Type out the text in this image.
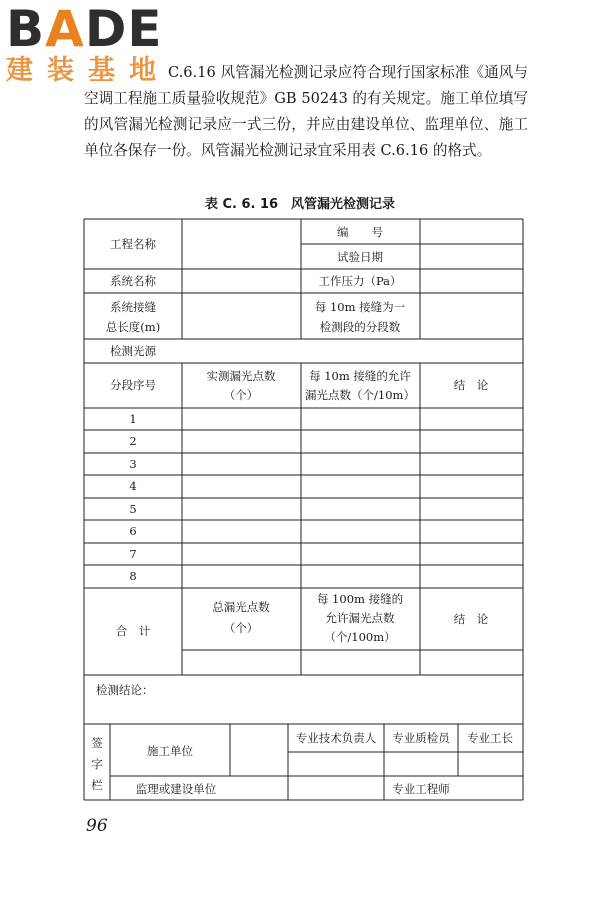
BADE
建装基地
C.6.16 风管漏光检测记录应符合现行国家标准《通风与空调工程施工质量验收规范》GB 50243 的有关规定。施工单位填写的风管漏光检测记录应一式三份，并应由建设单位、监理单位、施工单位各保存一份。风管漏光检测记录宜采用表 C.6.16 的格式。
表 C. 6. 16　风管漏光检测记录
工程名称
编　　号
试验日期
系统名称	工作压力（Pa）
系统接缝
总长度(m)
每 10m 接缝为一
检测段的分段数
检测光源
分段序号
实测漏光点数
（个）
每 10m 接缝的允许
漏光点数（个/10m）
结　论
1
2
3
4
5
6
7
8
合　计
总漏光点数
（个）
每 100m 接缝的
允许漏光点数
（个/100m）
结　论
检测结论：
签
字
栏
施工单位
专业技术负责人 专业质检员 专业工长
监理或建设单位	专业工程师
96
